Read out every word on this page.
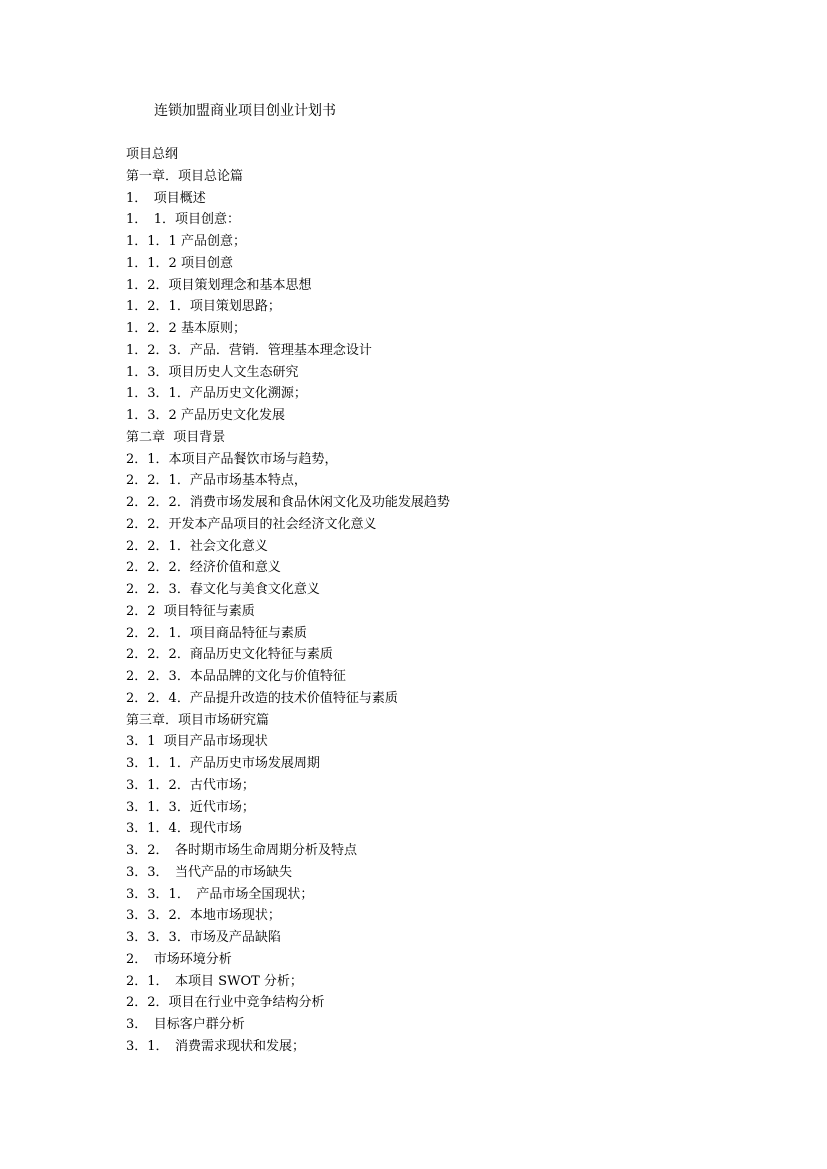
连锁加盟商业项目创业计划书
项目总纲
第一章．项目总论篇
1．　项目概述
1．　1．项目创意：
1．1．1 产品创意；
1．1．2 项目创意
1．2．项目策划理念和基本思想
1．2．1．项目策划思路；
1．2．2 基本原则；
1．2．3．产品．营销．管理基本理念设计
1．3．项目历史人文生态研究
1．3．1．产品历史文化溯源；
1．3．2 产品历史文化发展
第二章  项目背景
2．1．本项目产品餐饮市场与趋势，
2．2．1．产品市场基本特点，
2．2．2．消费市场发展和食品休闲文化及功能发展趋势
2．2．开发本产品项目的社会经济文化意义
2．2．1．社会文化意义
2．2．2．经济价值和意义
2．2．3．春文化与美食文化意义
2．2  项目特征与素质
2．2．1．项目商品特征与素质
2．2．2．商品历史文化特征与素质
2．2．3．本品品牌的文化与价值特征
2．2．4．产品提升改造的技术价值特征与素质
第三章．项目市场研究篇
3．1  项目产品市场现状
3．1．1．产品历史市场发展周期
3．1．2．古代市场；
3．1．3．近代市场；
3．1．4．现代市场
3．2．　各时期市场生命周期分析及特点
3．3．　当代产品的市场缺失
3．3．1．　产品市场全国现状；
3．3．2．本地市场现状；
3．3．3．市场及产品缺陷
2．　市场环境分析
2．1．　本项目 SWOT 分析；
2．2．项目在行业中竞争结构分析
3．　目标客户群分析
3．1．　消费需求现状和发展；
